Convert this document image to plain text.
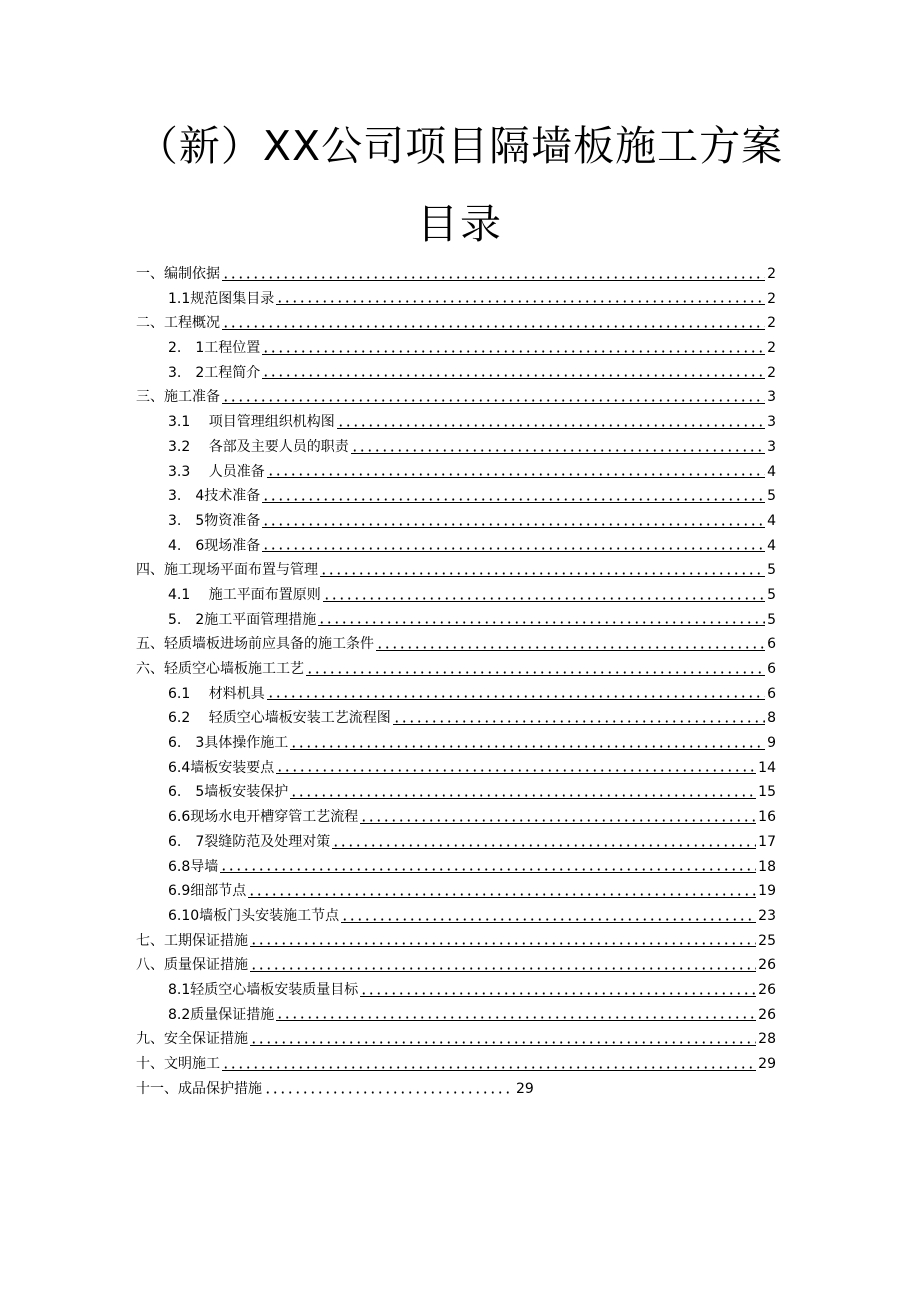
（新）XX公司项目隔墙板施工方案
目录
一、编制依据	2
1.1规范图集目录	2
二、工程概况	2
2.　1工程位置	2
3.　2工程简介	2
三、施工准备	3
3.1　 项目管理组织机构图	3
3.2　 各部及主要人员的职责	3
3.3　 人员准备	4
3.　4技术准备	5
3.　5物资准备	4
4.　6现场准备	4
四、施工现场平面布置与管理	5
4.1　 施工平面布置原则	5
5.　2施工平面管理措施	5
五、轻质墙板进场前应具备的施工条件	6
六、轻质空心墙板施工工艺	6
6.1　 材料机具	6
6.2　 轻质空心墙板安装工艺流程图	8
6.　3具体操作施工	9
6.4墙板安装要点	14
6.　5墙板安装保护	15
6.6现场水电开槽穿管工艺流程	16
6.　7裂缝防范及处理对策	17
6.8导墙	18
6.9细部节点	19
6.10墙板门头安装施工节点	23
七、工期保证措施	25
八、质量保证措施	26
8.1轻质空心墙板安装质量目标	26
8.2质量保证措施	26
九、安全保证措施	28
十、文明施工	29
十一、成品保护措施	29
